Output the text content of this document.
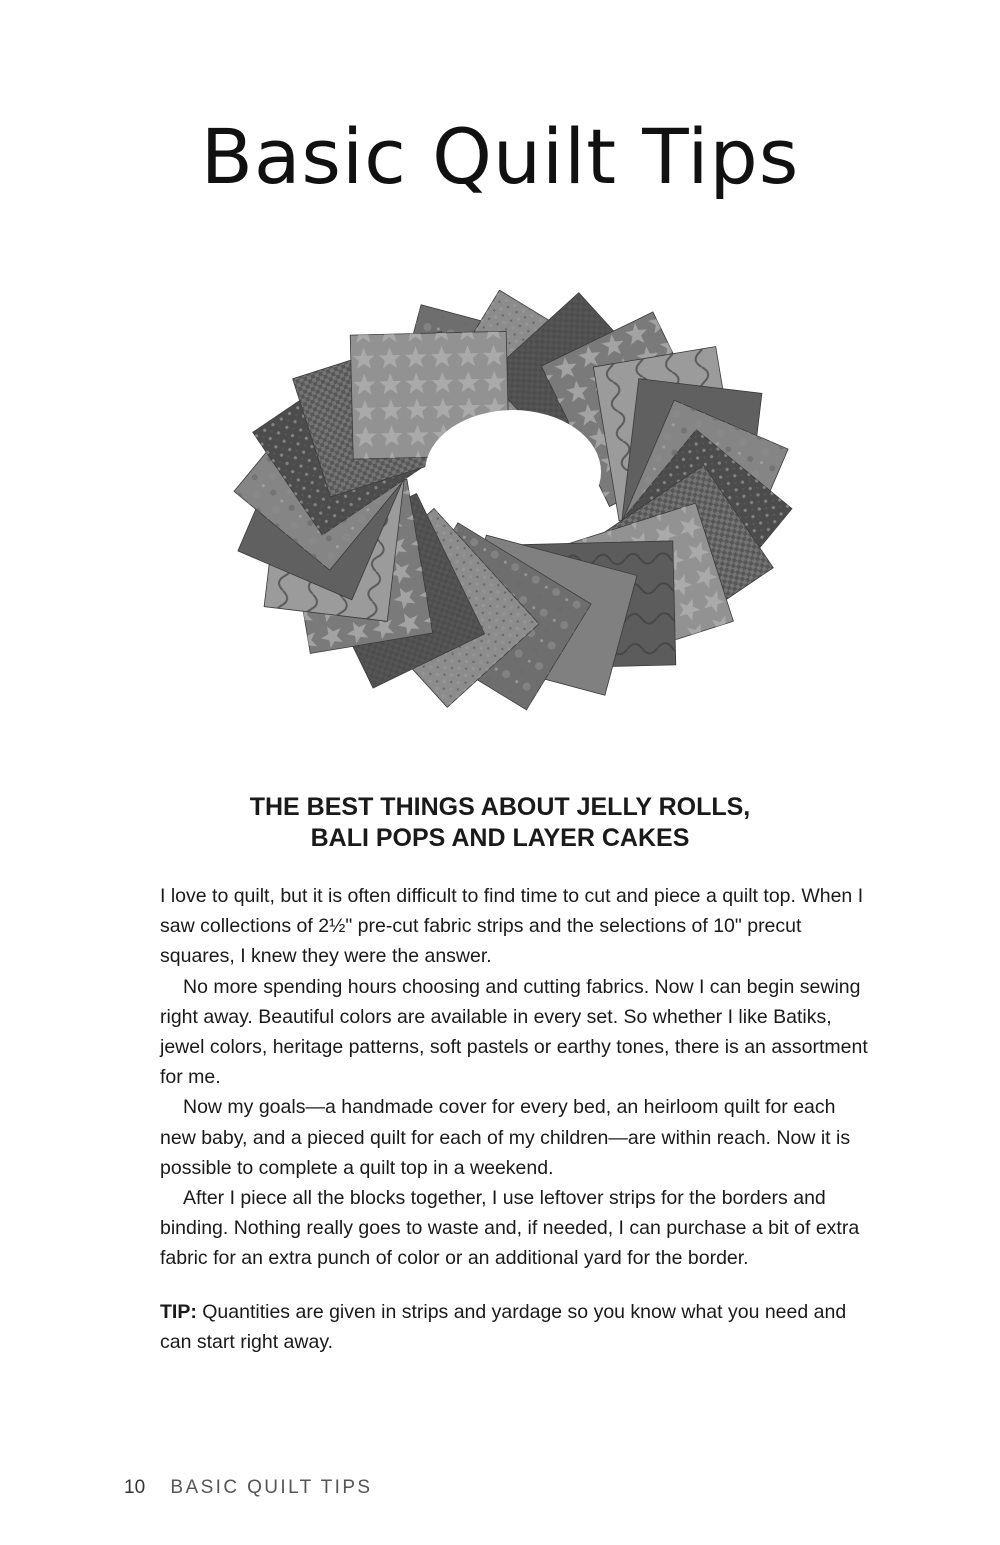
Basic Quilt Tips
THE BEST THINGS ABOUT JELLY ROLLS,
BALI POPS AND LAYER CAKES

I love to quilt, but it is often difficult to find time to cut and piece a quilt top. When I saw collections of 2½" pre-cut fabric strips and the selections of 10" precut squares, I knew they were the answer.

No more spending hours choosing and cutting fabrics. Now I can begin sewing right away. Beautiful colors are available in every set. So whether I like Batiks, jewel colors, heritage patterns, soft pastels or earthy tones, there is an assortment for me.

Now my goals—a handmade cover for every bed, an heirloom quilt for each new baby, and a pieced quilt for each of my children—are within reach. Now it is possible to complete a quilt top in a weekend.

After I piece all the blocks together, I use leftover strips for the borders and binding. Nothing really goes to waste and, if needed, I can purchase a bit of extra fabric for an extra punch of color or an additional yard for the border.

TIP: Quantities are given in strips and yardage so you know what you need and can start right away.

10 BASIC QUILT TIPS
